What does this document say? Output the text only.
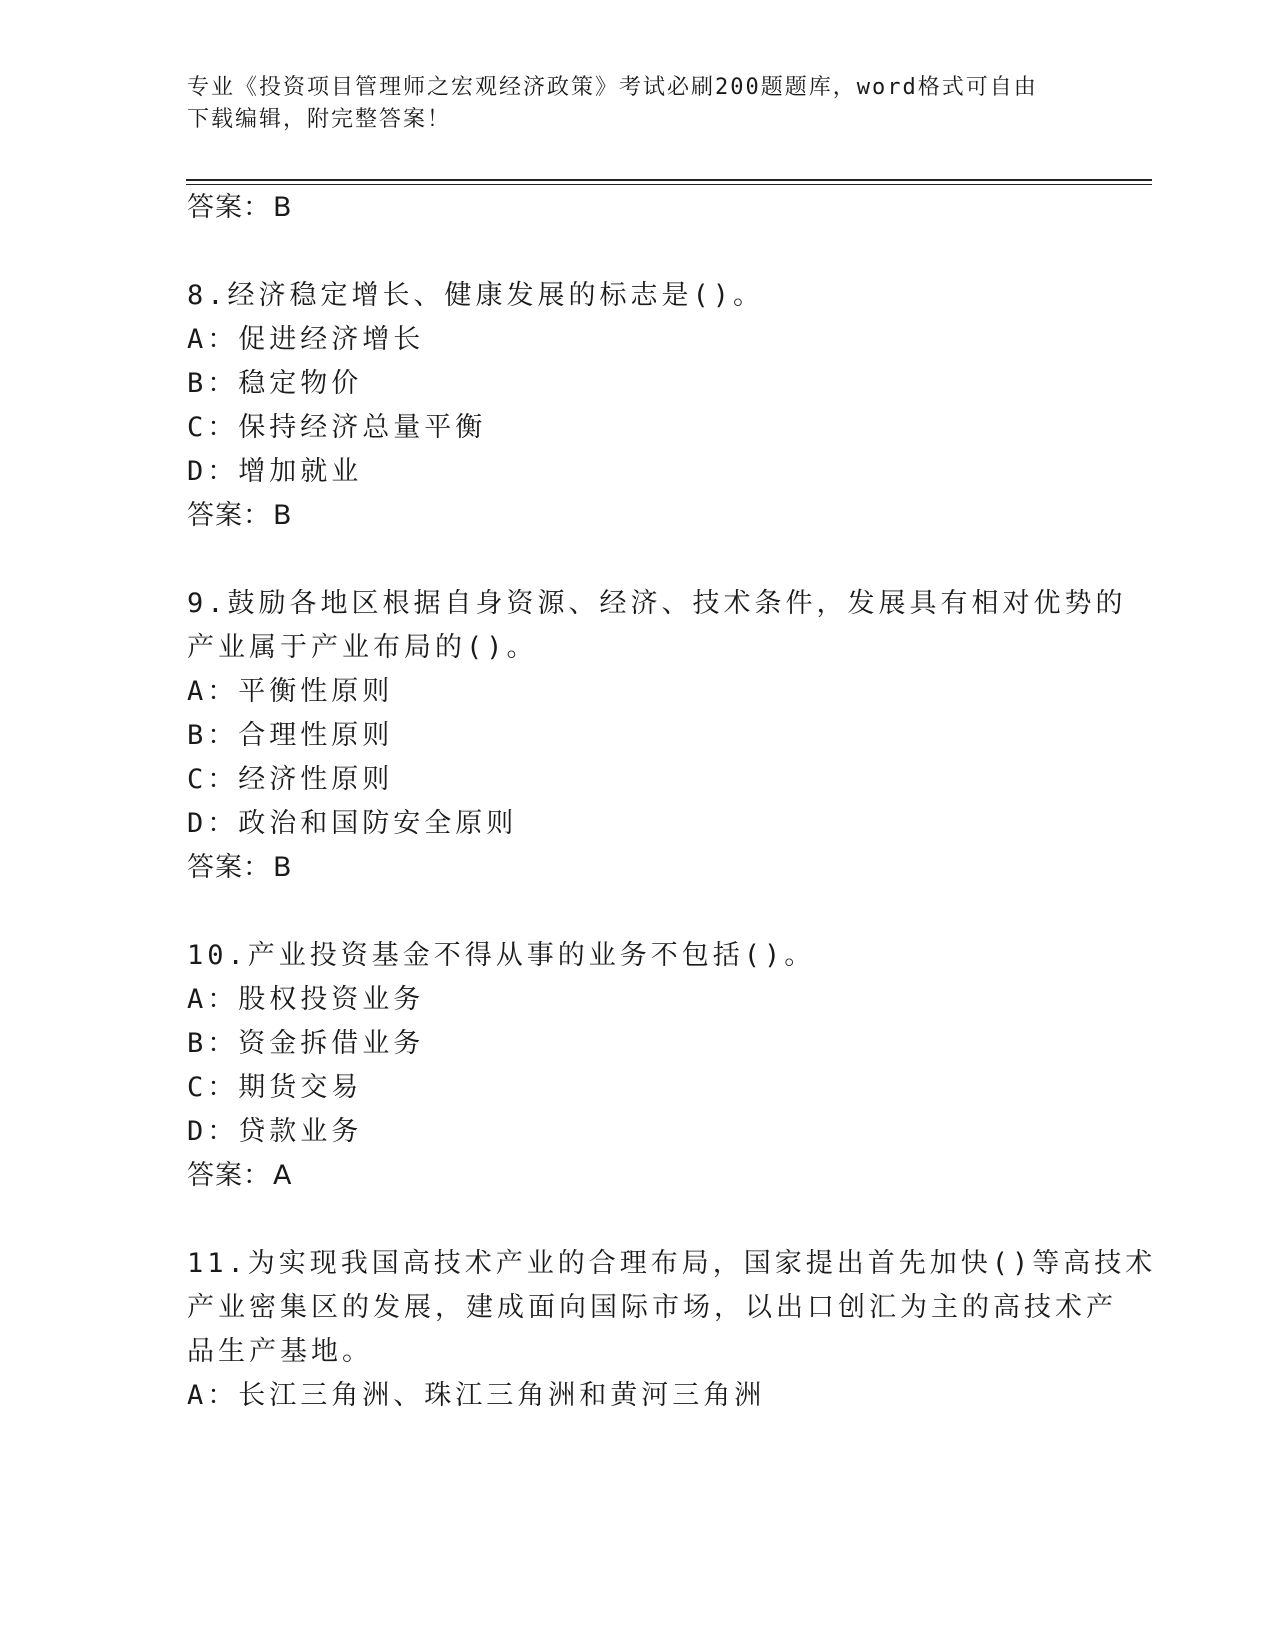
专业《投资项目管理师之宏观经济政策》考试必刷200题题库，word格式可自由
下载编辑，附完整答案！
答案：B
8.经济稳定增长、健康发展的标志是()。
A：促进经济增长
B：稳定物价
C：保持经济总量平衡
D：增加就业
答案：B
9.鼓励各地区根据自身资源、经济、技术条件，发展具有相对优势的
产业属于产业布局的()。
A：平衡性原则
B：合理性原则
C：经济性原则
D：政治和国防安全原则
答案：B
10.产业投资基金不得从事的业务不包括()。
A：股权投资业务
B：资金拆借业务
C：期货交易
D：贷款业务
答案：A
11.为实现我国高技术产业的合理布局，国家提出首先加快()等高技术
产业密集区的发展，建成面向国际市场，以出口创汇为主的高技术产
品生产基地。
A：长江三角洲、珠江三角洲和黄河三角洲
